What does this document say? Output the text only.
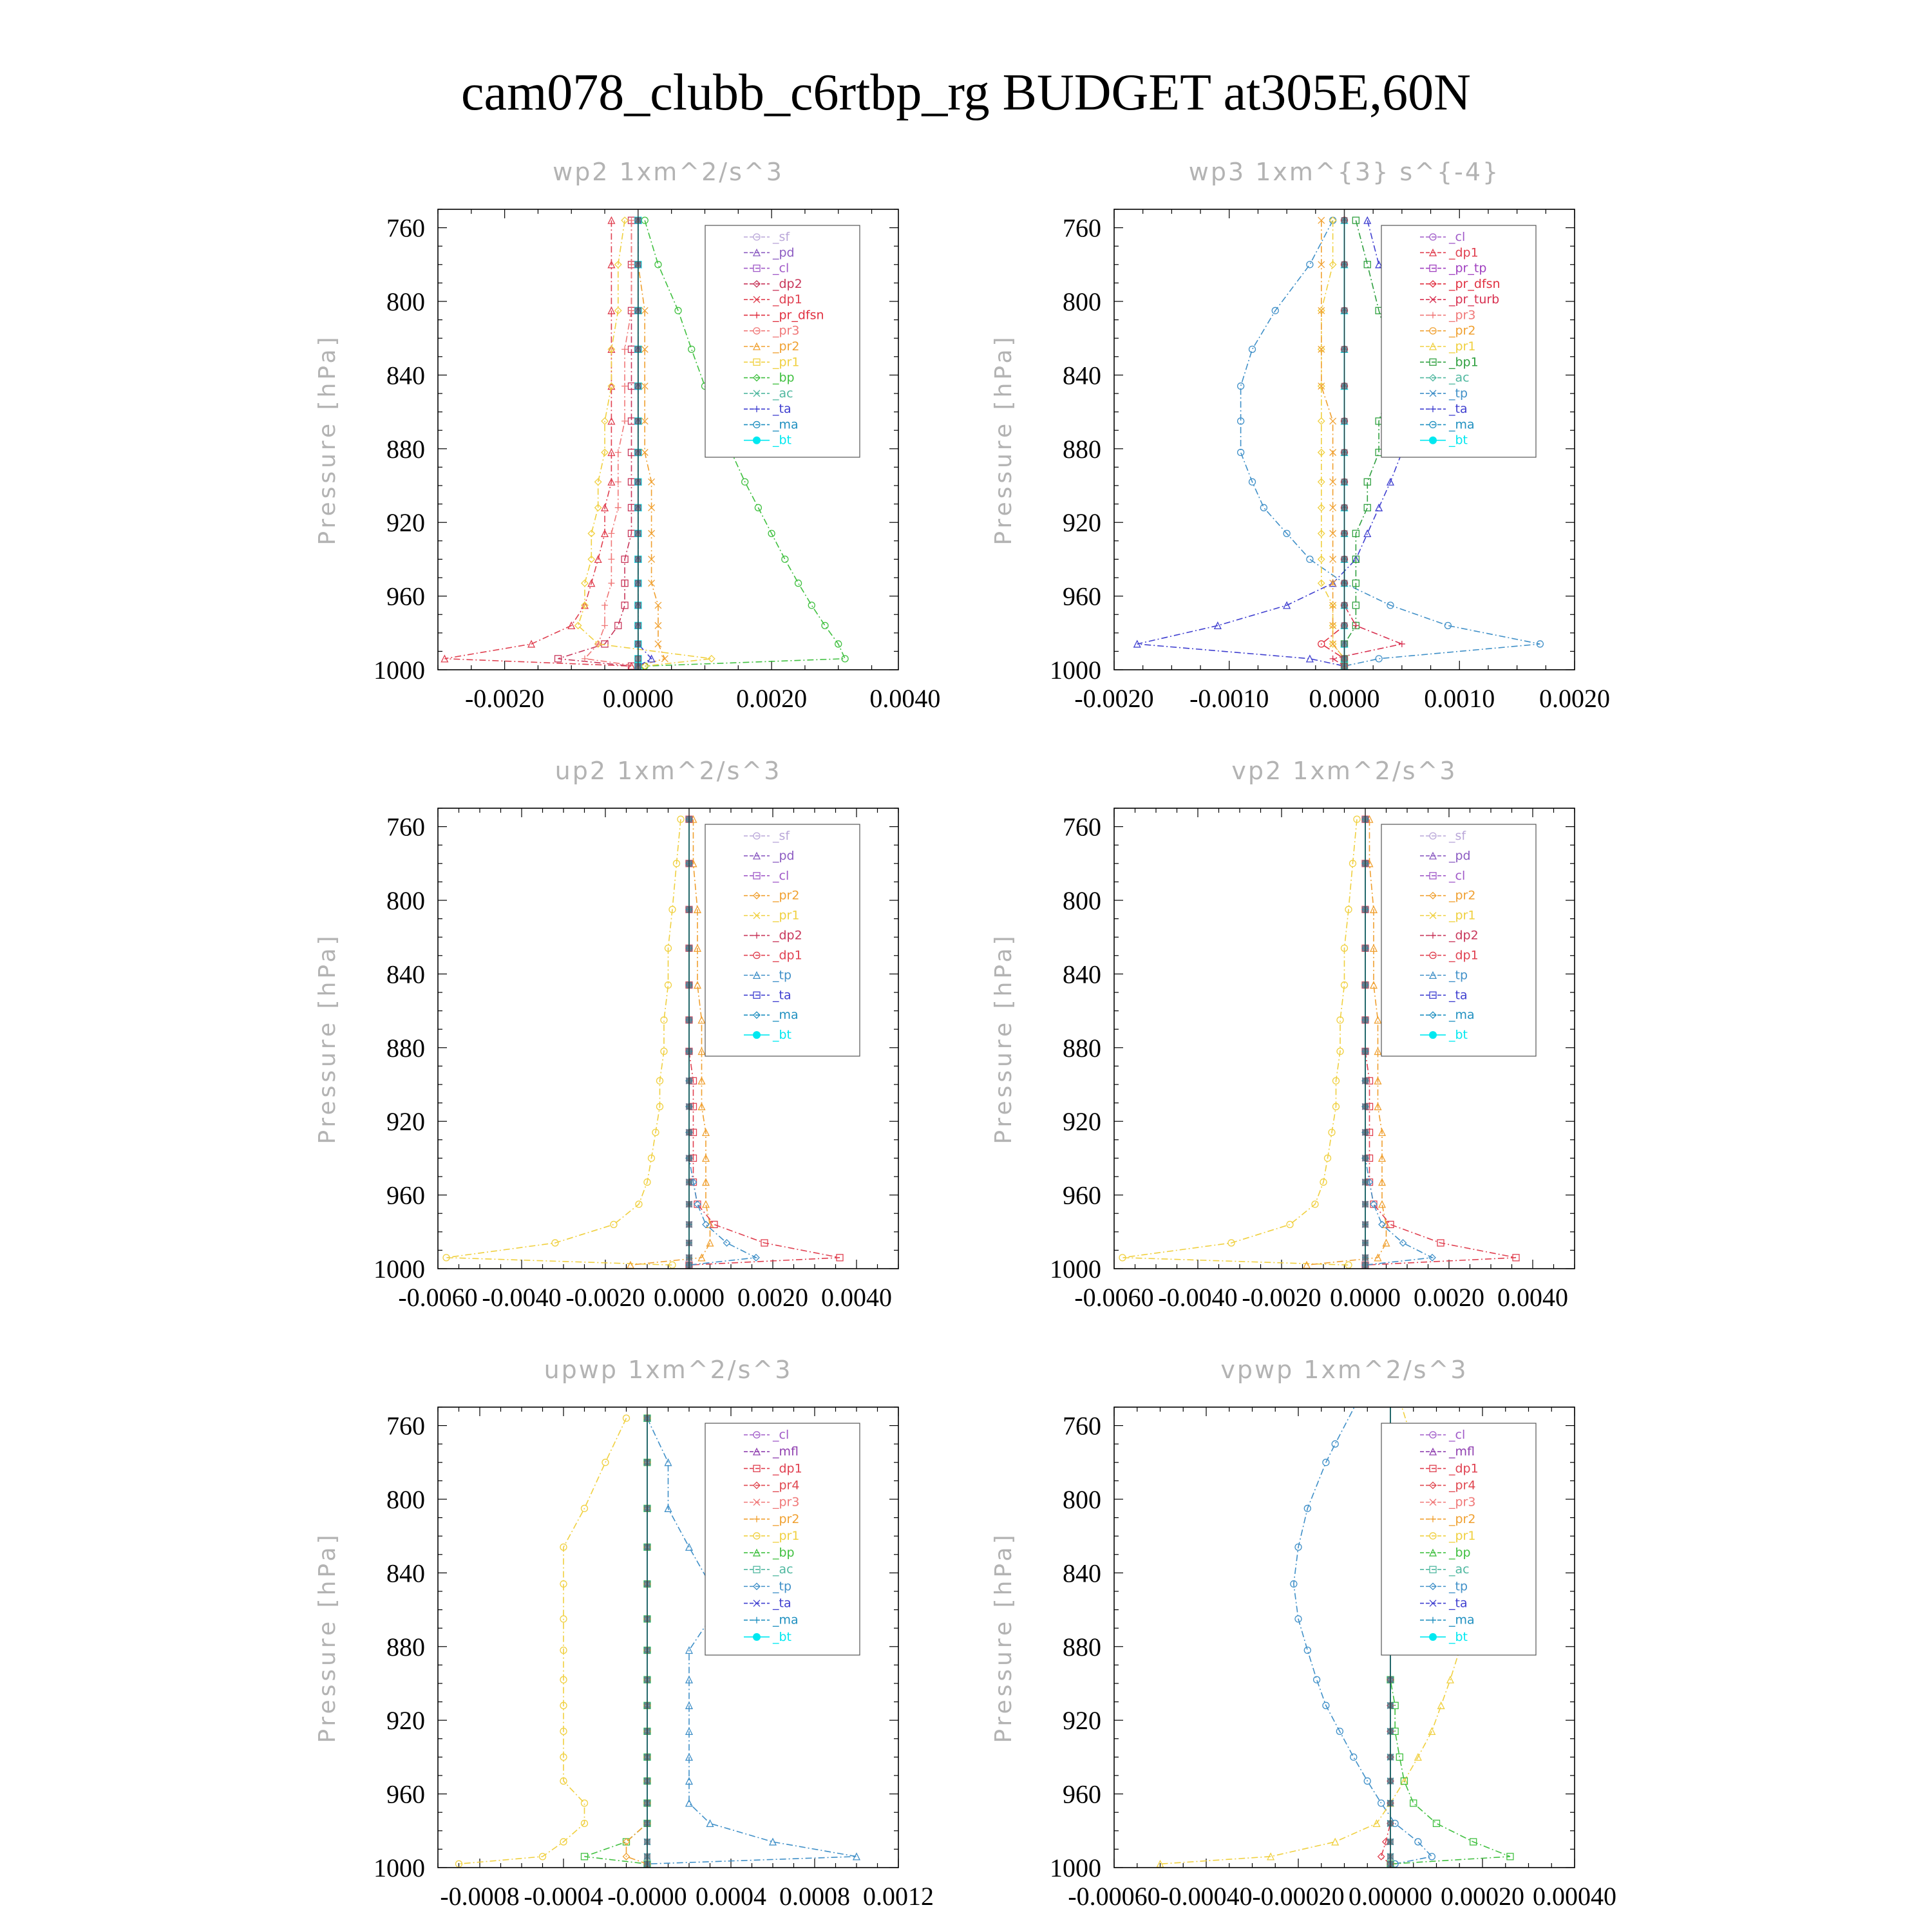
cam078_clubb_c6rtbp_rg BUDGET at305E,60N
wp2 1xm^2/s^3
Pressure [hPa]
760
800
840
880
920
960
1000
-0.0020 0.0000 0.0020 0.0040
_sf
_pd
_cl
_dp2
_dp1
_pr_dfsn
_pr3
_pr2
_pr1
_bp
_ac
_ta
_ma
_bt
wp3 1xm^{3} s^{-4}
Pressure [hPa]
760
800
840
880
920
960
1000
-0.0020 -0.0010 0.0000 0.0010 0.0020
_cl
_dp1
_pr_tp
_pr_dfsn
_pr_turb
_pr3
_pr2
_pr1
_bp1
_ac
_tp
_ta
_ma
_bt
up2 1xm^2/s^3
Pressure [hPa]
760
800
840
880
920
960
1000
-0.0060 -0.0040 -0.0020 0.0000 0.0020 0.0040
_sf
_pd
_cl
_pr2
_pr1
_dp2
_dp1
_tp
_ta
_ma
_bt
vp2 1xm^2/s^3
Pressure [hPa]
760
800
840
880
920
960
1000
-0.0060 -0.0040 -0.0020 0.0000 0.0020 0.0040
_sf
_pd
_cl
_pr2
_pr1
_dp2
_dp1
_tp
_ta
_ma
_bt
upwp 1xm^2/s^3
Pressure [hPa]
760
800
840
880
920
960
1000
-0.0008 -0.0004 -0.0000 0.0004 0.0008 0.0012
_cl
_mfl
_dp1
_pr4
_pr3
_pr2
_pr1
_bp
_ac
_tp
_ta
_ma
_bt
vpwp 1xm^2/s^3
Pressure [hPa]
760
800
840
880
920
960
1000
-0.00060 -0.00040 -0.00020 0.00000 0.00020 0.00040
_cl
_mfl
_dp1
_pr4
_pr3
_pr2
_pr1
_bp
_ac
_tp
_ta
_ma
_bt
